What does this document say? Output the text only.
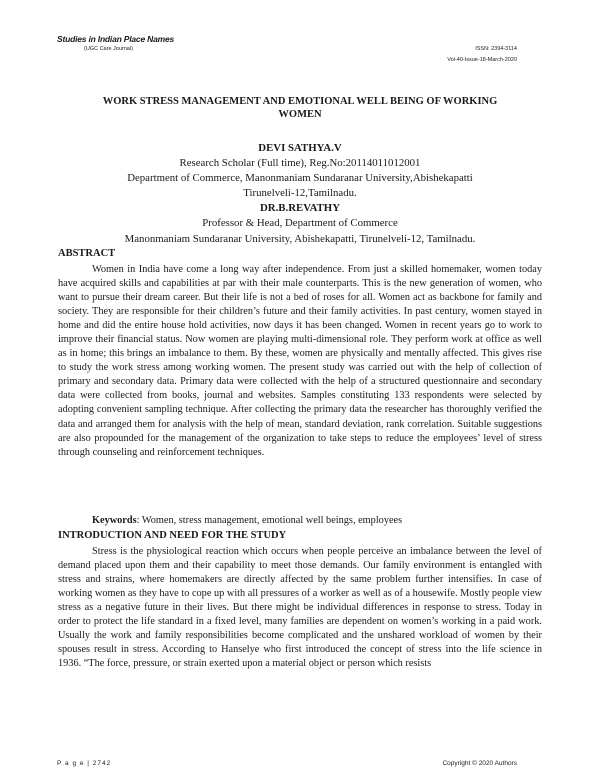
Studies in Indian Place Names
(UGC Care Journal)	ISSN: 2394-3114
Vol-40-Issue-18-March-2020
WORK STRESS MANAGEMENT AND EMOTIONAL WELL BEING OF WORKING
WOMEN
DEVI SATHYA.V
Research Scholar (Full time), Reg.No:20114011012001
Department of Commerce, Manonmaniam Sundaranar University,Abishekapatti
Tirunelveli-12,Tamilnadu.
DR.B.REVATHY
Professor & Head, Department of Commerce
Manonmaniam Sundaranar University, Abishekapatti, Tirunelveli-12, Tamilnadu.
ABSTRACT

Women in India have come a long way after independence. From just a skilled homemaker, women today have acquired skills and capabilities at par with their male counterparts. This is the new generation of women, who want to pursue their dream career. But their life is not a bed of roses for all. Women act as backbone for family and society. They are responsible for their children’s future and their family activities. In past century, women stayed in home and did the entire house hold activities, now days it has been changed. Women in recent years go to work to improve their financial status. Now women are playing multi-dimensional role. They perform work at office as well as in home; this brings an imbalance to them. By these, women are physically and mentally affected. This gives rise to study the work stress among working women. The present study was carried out with the help of collection of primary and secondary data. Primary data were collected with the help of a structured questionnaire and secondary data were collected from books, journal and websites. Samples constituting 133 respondents were selected by adopting convenient sampling technique. After collecting the primary data the researcher has thoroughly verified the data and arranged them for analysis with the help of mean, standard deviation, rank correlation. Suitable suggestions are also propounded for the management of the organization to take steps to reduce the employees’ level of stress through counseling and reinforcement techniques.

Keywords: Women, stress management, emotional well beings, employees
INTRODUCTION AND NEED FOR THE STUDY

Stress is the physiological reaction which occurs when people perceive an imbalance between the level of demand placed upon them and their capability to meet those demands. Our family environment is entangled with stress and strains, where homemakers are directly affected by the same problem further intensifies. In case of working women as they have to cope up with all pressures of a worker as well as of a housewife. Mostly people view stress as a negative future in their lives. But there might be individual differences in response to stress. Today in order to protect the life standard in a fixed level, many families are dependent on women’s working in a paid work. Usually the work and family responsibilities become complicated and the unshared workload of women by their spouses result in stress. According to Hanselye who first introduced the concept of stress into the life science in 1936. “The force, pressure, or strain exerted upon a material object or person which resists

P a g e | 2742	Copyright © 2020 Authors
